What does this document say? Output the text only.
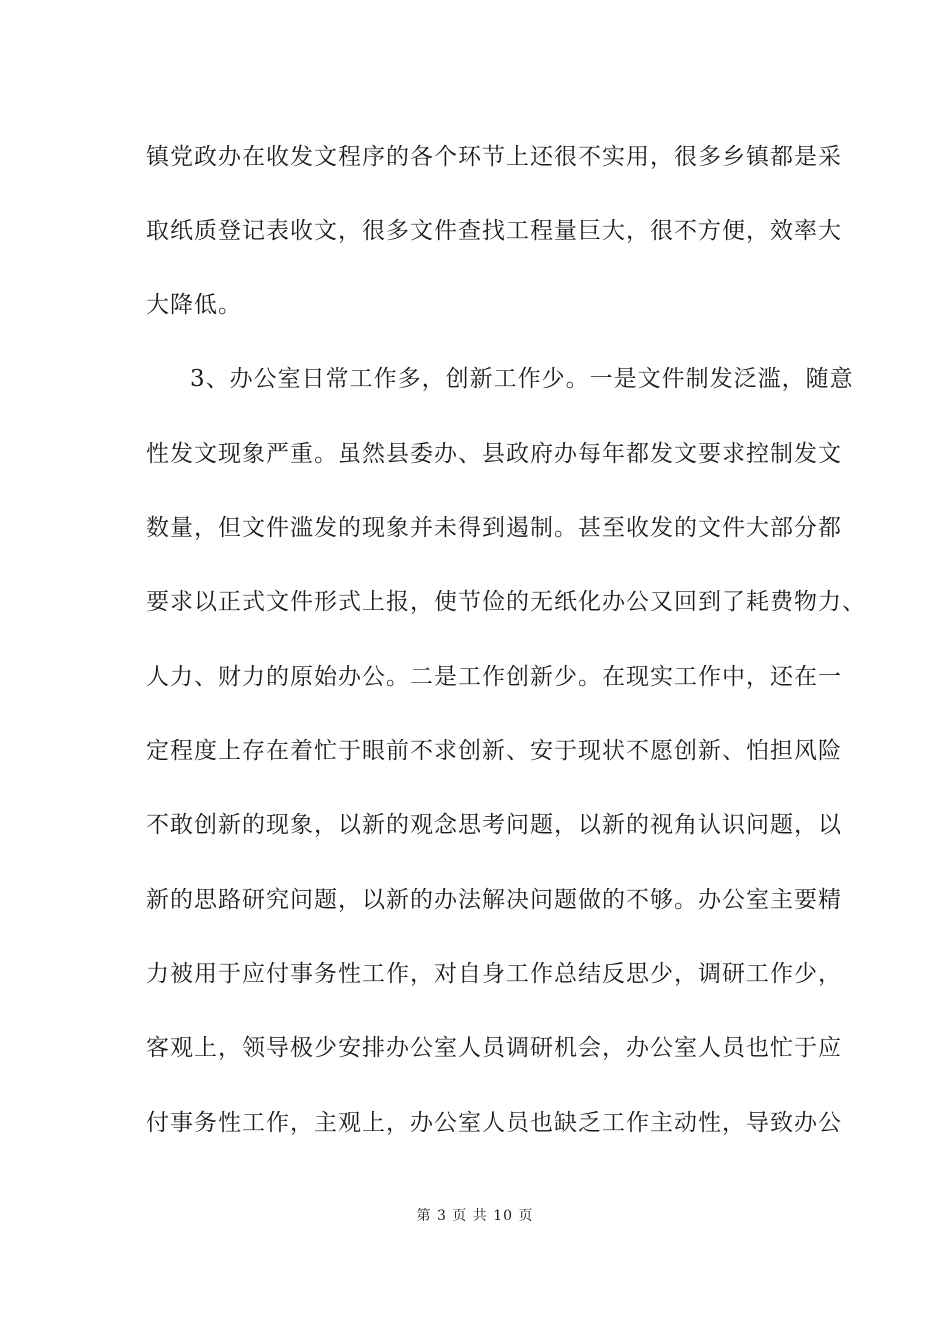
镇党政办在收发文程序的各个环节上还很不实用，很多乡镇都是采
取纸质登记表收文，很多文件查找工程量巨大，很不方便，效率大
大降低。
3、办公室日常工作多，创新工作少。一是文件制发泛滥，随意
性发文现象严重。虽然县委办、县政府办每年都发文要求控制发文
数量，但文件滥发的现象并未得到遏制。甚至收发的文件大部分都
要求以正式文件形式上报，使节俭的无纸化办公又回到了耗费物力、
人力、财力的原始办公。二是工作创新少。在现实工作中，还在一
定程度上存在着忙于眼前不求创新、安于现状不愿创新、怕担风险
不敢创新的现象，以新的观念思考问题，以新的视角认识问题，以
新的思路研究问题，以新的办法解决问题做的不够。办公室主要精
力被用于应付事务性工作，对自身工作总结反思少，调研工作少，
客观上，领导极少安排办公室人员调研机会，办公室人员也忙于应
付事务性工作，主观上，办公室人员也缺乏工作主动性，导致办公
第 3 页 共 10 页
